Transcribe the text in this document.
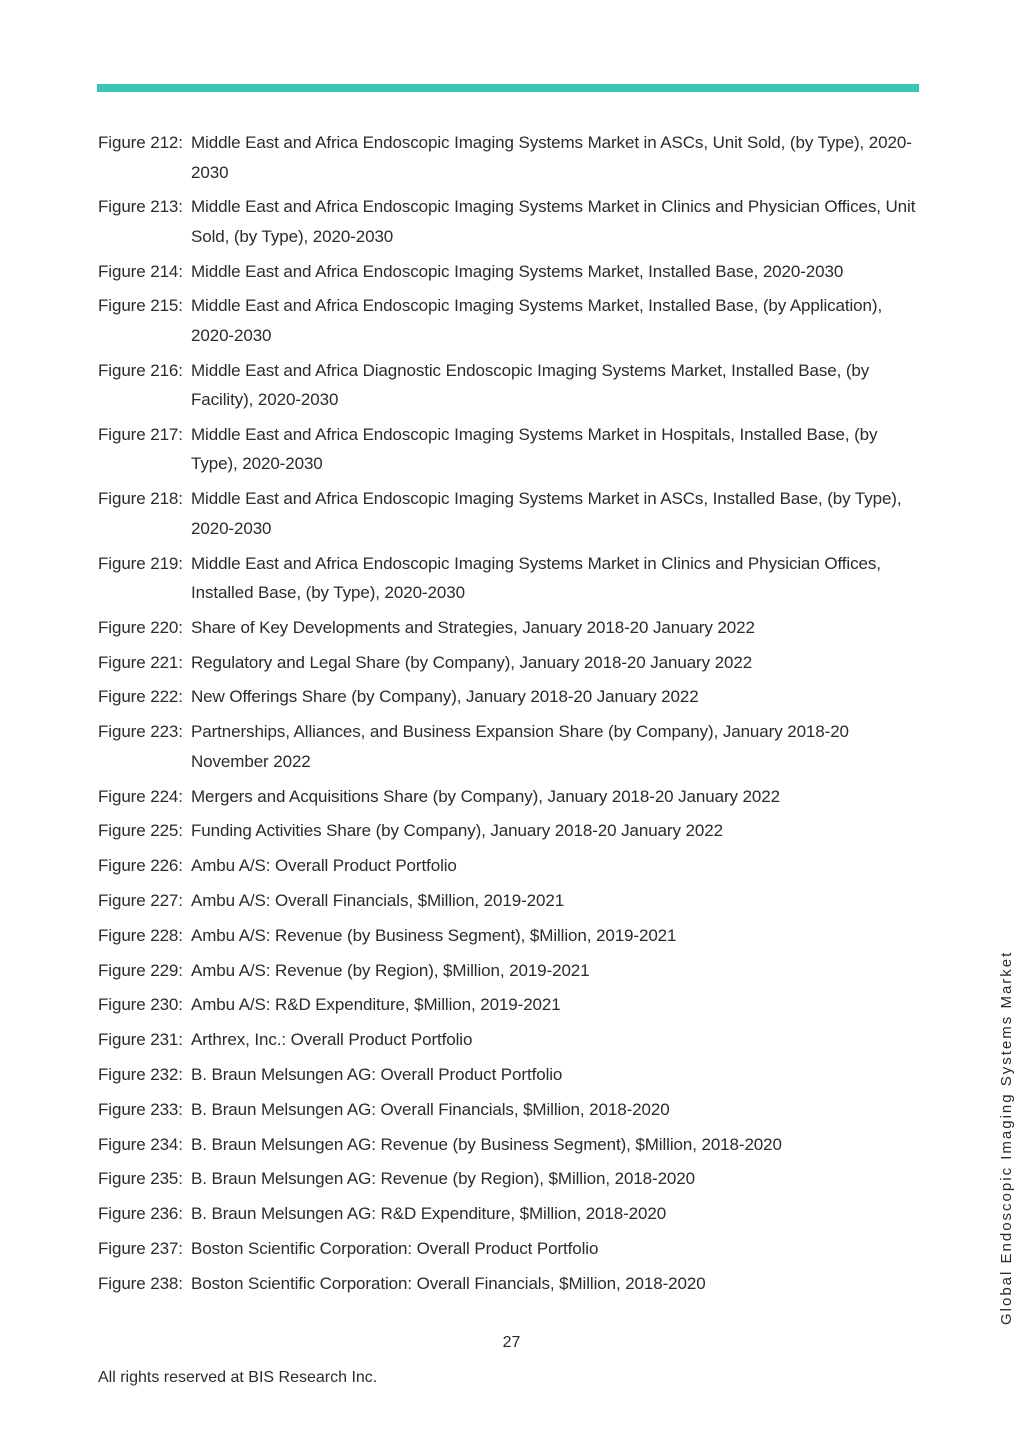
Figure 212: Middle East and Africa Endoscopic Imaging Systems Market in ASCs, Unit Sold, (by Type), 2020-2030
Figure 213: Middle East and Africa Endoscopic Imaging Systems Market in Clinics and Physician Offices, Unit Sold, (by Type), 2020-2030
Figure 214: Middle East and Africa Endoscopic Imaging Systems Market, Installed Base, 2020-2030
Figure 215: Middle East and Africa Endoscopic Imaging Systems Market, Installed Base, (by Application), 2020-2030
Figure 216: Middle East and Africa Diagnostic Endoscopic Imaging Systems Market, Installed Base, (by Facility), 2020-2030
Figure 217: Middle East and Africa Endoscopic Imaging Systems Market in Hospitals, Installed Base, (by Type), 2020-2030
Figure 218: Middle East and Africa Endoscopic Imaging Systems Market in ASCs, Installed Base, (by Type), 2020-2030
Figure 219: Middle East and Africa Endoscopic Imaging Systems Market in Clinics and Physician Offices, Installed Base, (by Type), 2020-2030
Figure 220: Share of Key Developments and Strategies, January 2018-20 January 2022
Figure 221: Regulatory and Legal Share (by Company), January 2018-20 January 2022
Figure 222: New Offerings Share (by Company), January 2018-20 January 2022
Figure 223: Partnerships, Alliances, and Business Expansion Share (by Company), January 2018-20 November 2022
Figure 224: Mergers and Acquisitions Share (by Company), January 2018-20 January 2022
Figure 225: Funding Activities Share (by Company), January 2018-20 January 2022
Figure 226: Ambu A/S: Overall Product Portfolio
Figure 227: Ambu A/S: Overall Financials, $Million, 2019-2021
Figure 228: Ambu A/S: Revenue (by Business Segment), $Million, 2019-2021
Figure 229: Ambu A/S: Revenue (by Region), $Million, 2019-2021
Figure 230: Ambu A/S: R&D Expenditure, $Million, 2019-2021
Figure 231: Arthrex, Inc.: Overall Product Portfolio
Figure 232: B. Braun Melsungen AG: Overall Product Portfolio
Figure 233: B. Braun Melsungen AG: Overall Financials, $Million, 2018-2020
Figure 234: B. Braun Melsungen AG: Revenue (by Business Segment), $Million, 2018-2020
Figure 235: B. Braun Melsungen AG: Revenue (by Region), $Million, 2018-2020
Figure 236: B. Braun Melsungen AG: R&D Expenditure, $Million, 2018-2020
Figure 237: Boston Scientific Corporation: Overall Product Portfolio
Figure 238: Boston Scientific Corporation: Overall Financials, $Million, 2018-2020	Global Endoscopic Imaging Systems Market
27
All rights reserved at BIS Research Inc.
